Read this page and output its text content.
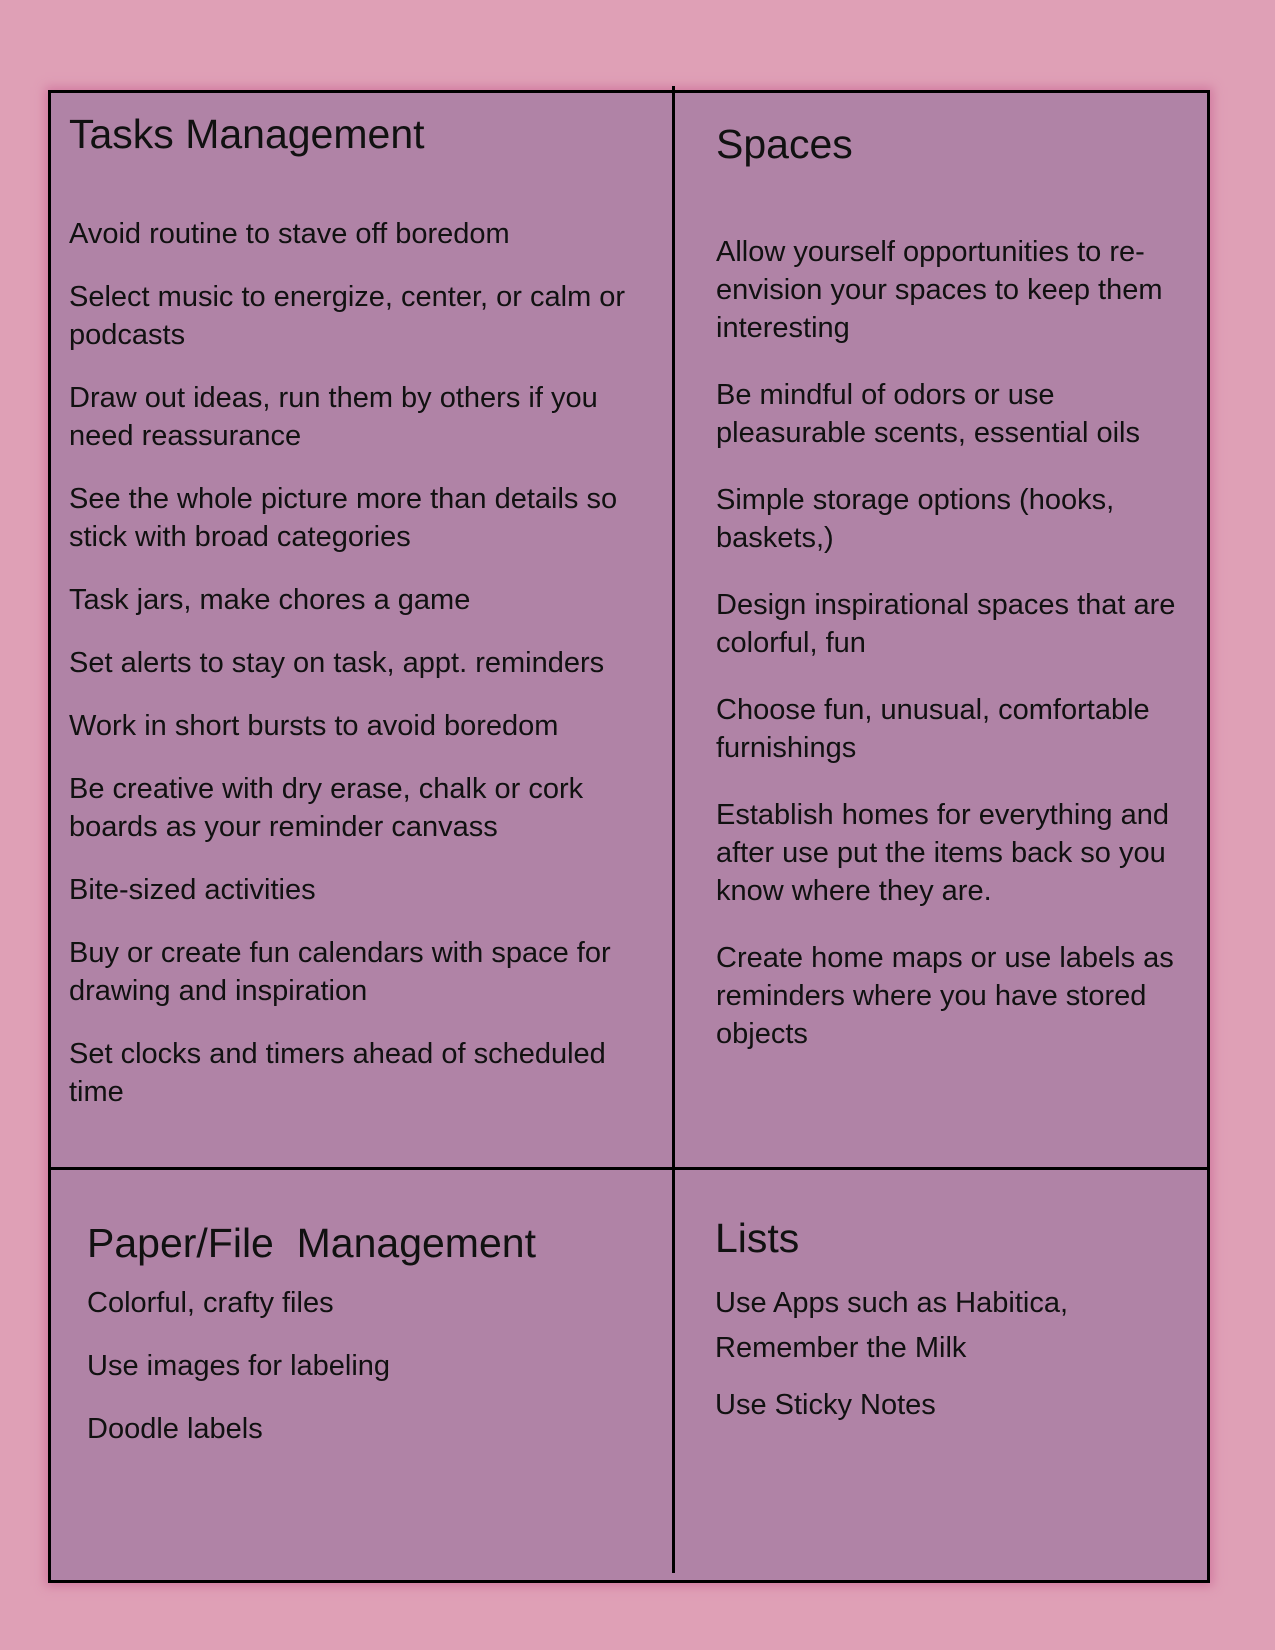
Tasks Management
Avoid routine to stave off boredom
Select music to energize, center, or calm or podcasts
Draw out ideas, run them by others if you need reassurance
See the whole picture more than details so stick with broad categories
Task jars, make chores a game
Set alerts to stay on task, appt. reminders
Work in short bursts to avoid boredom
Be creative with dry erase, chalk or cork boards as your reminder canvass
Bite-sized activities
Buy or create fun calendars with space for drawing and inspiration
Set clocks and timers ahead of scheduled time
Spaces
Allow yourself opportunities to re-envision your spaces to keep them interesting
Be mindful of odors or use pleasurable scents, essential oils
Simple storage options (hooks, baskets,)
Design inspirational spaces that are colorful, fun
Choose fun, unusual, comfortable furnishings
Establish homes for everything and after use put the items back so you know where they are.
Create home maps or use labels as reminders where you have stored objects
Paper/File  Management
Colorful, crafty files
Use images for labeling
Doodle labels
Lists
Use Apps such as Habitica, Remember the Milk
Use Sticky Notes
